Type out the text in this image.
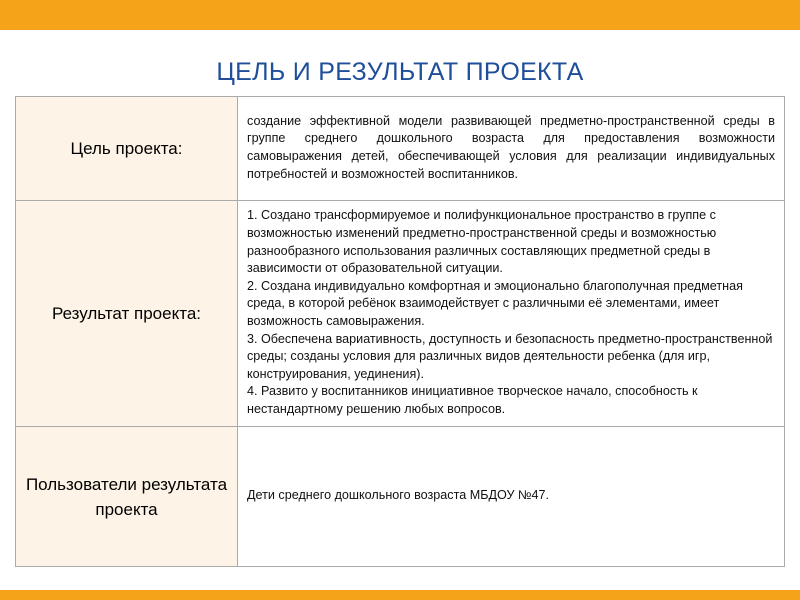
ЦЕЛЬ И РЕЗУЛЬТАТ ПРОЕКТА
Цель проекта:	создание эффективной модели развивающей предметно-пространственной среды в группе среднего дошкольного возраста для предоставления возможности самовыражения детей, обеспечивающей условия для реализации индивидуальных потребностей и возможностей воспитанников.
Результат проекта:	1. Создано трансформируемое и полифункциональное пространство в группе с возможностью изменений предметно-пространственной среды и возможностью разнообразного использования различных составляющих предметной среды в зависимости от образовательной ситуации.
2. Создана индивидуально комфортная и эмоционально благополучная предметная среда, в которой ребёнок взаимодействует с различными её элементами, имеет возможность самовыражения.
3. Обеспечена вариативность, доступность и безопасность предметно-пространственной среды; созданы условия для различных видов деятельности ребенка (для игр, конструирования, уединения).
4. Развито у воспитанников инициативное творческое начало, способность к нестандартному решению любых вопросов.

Пользователи результата проекта	Дети среднего дошкольного возраста МБДОУ №47.
